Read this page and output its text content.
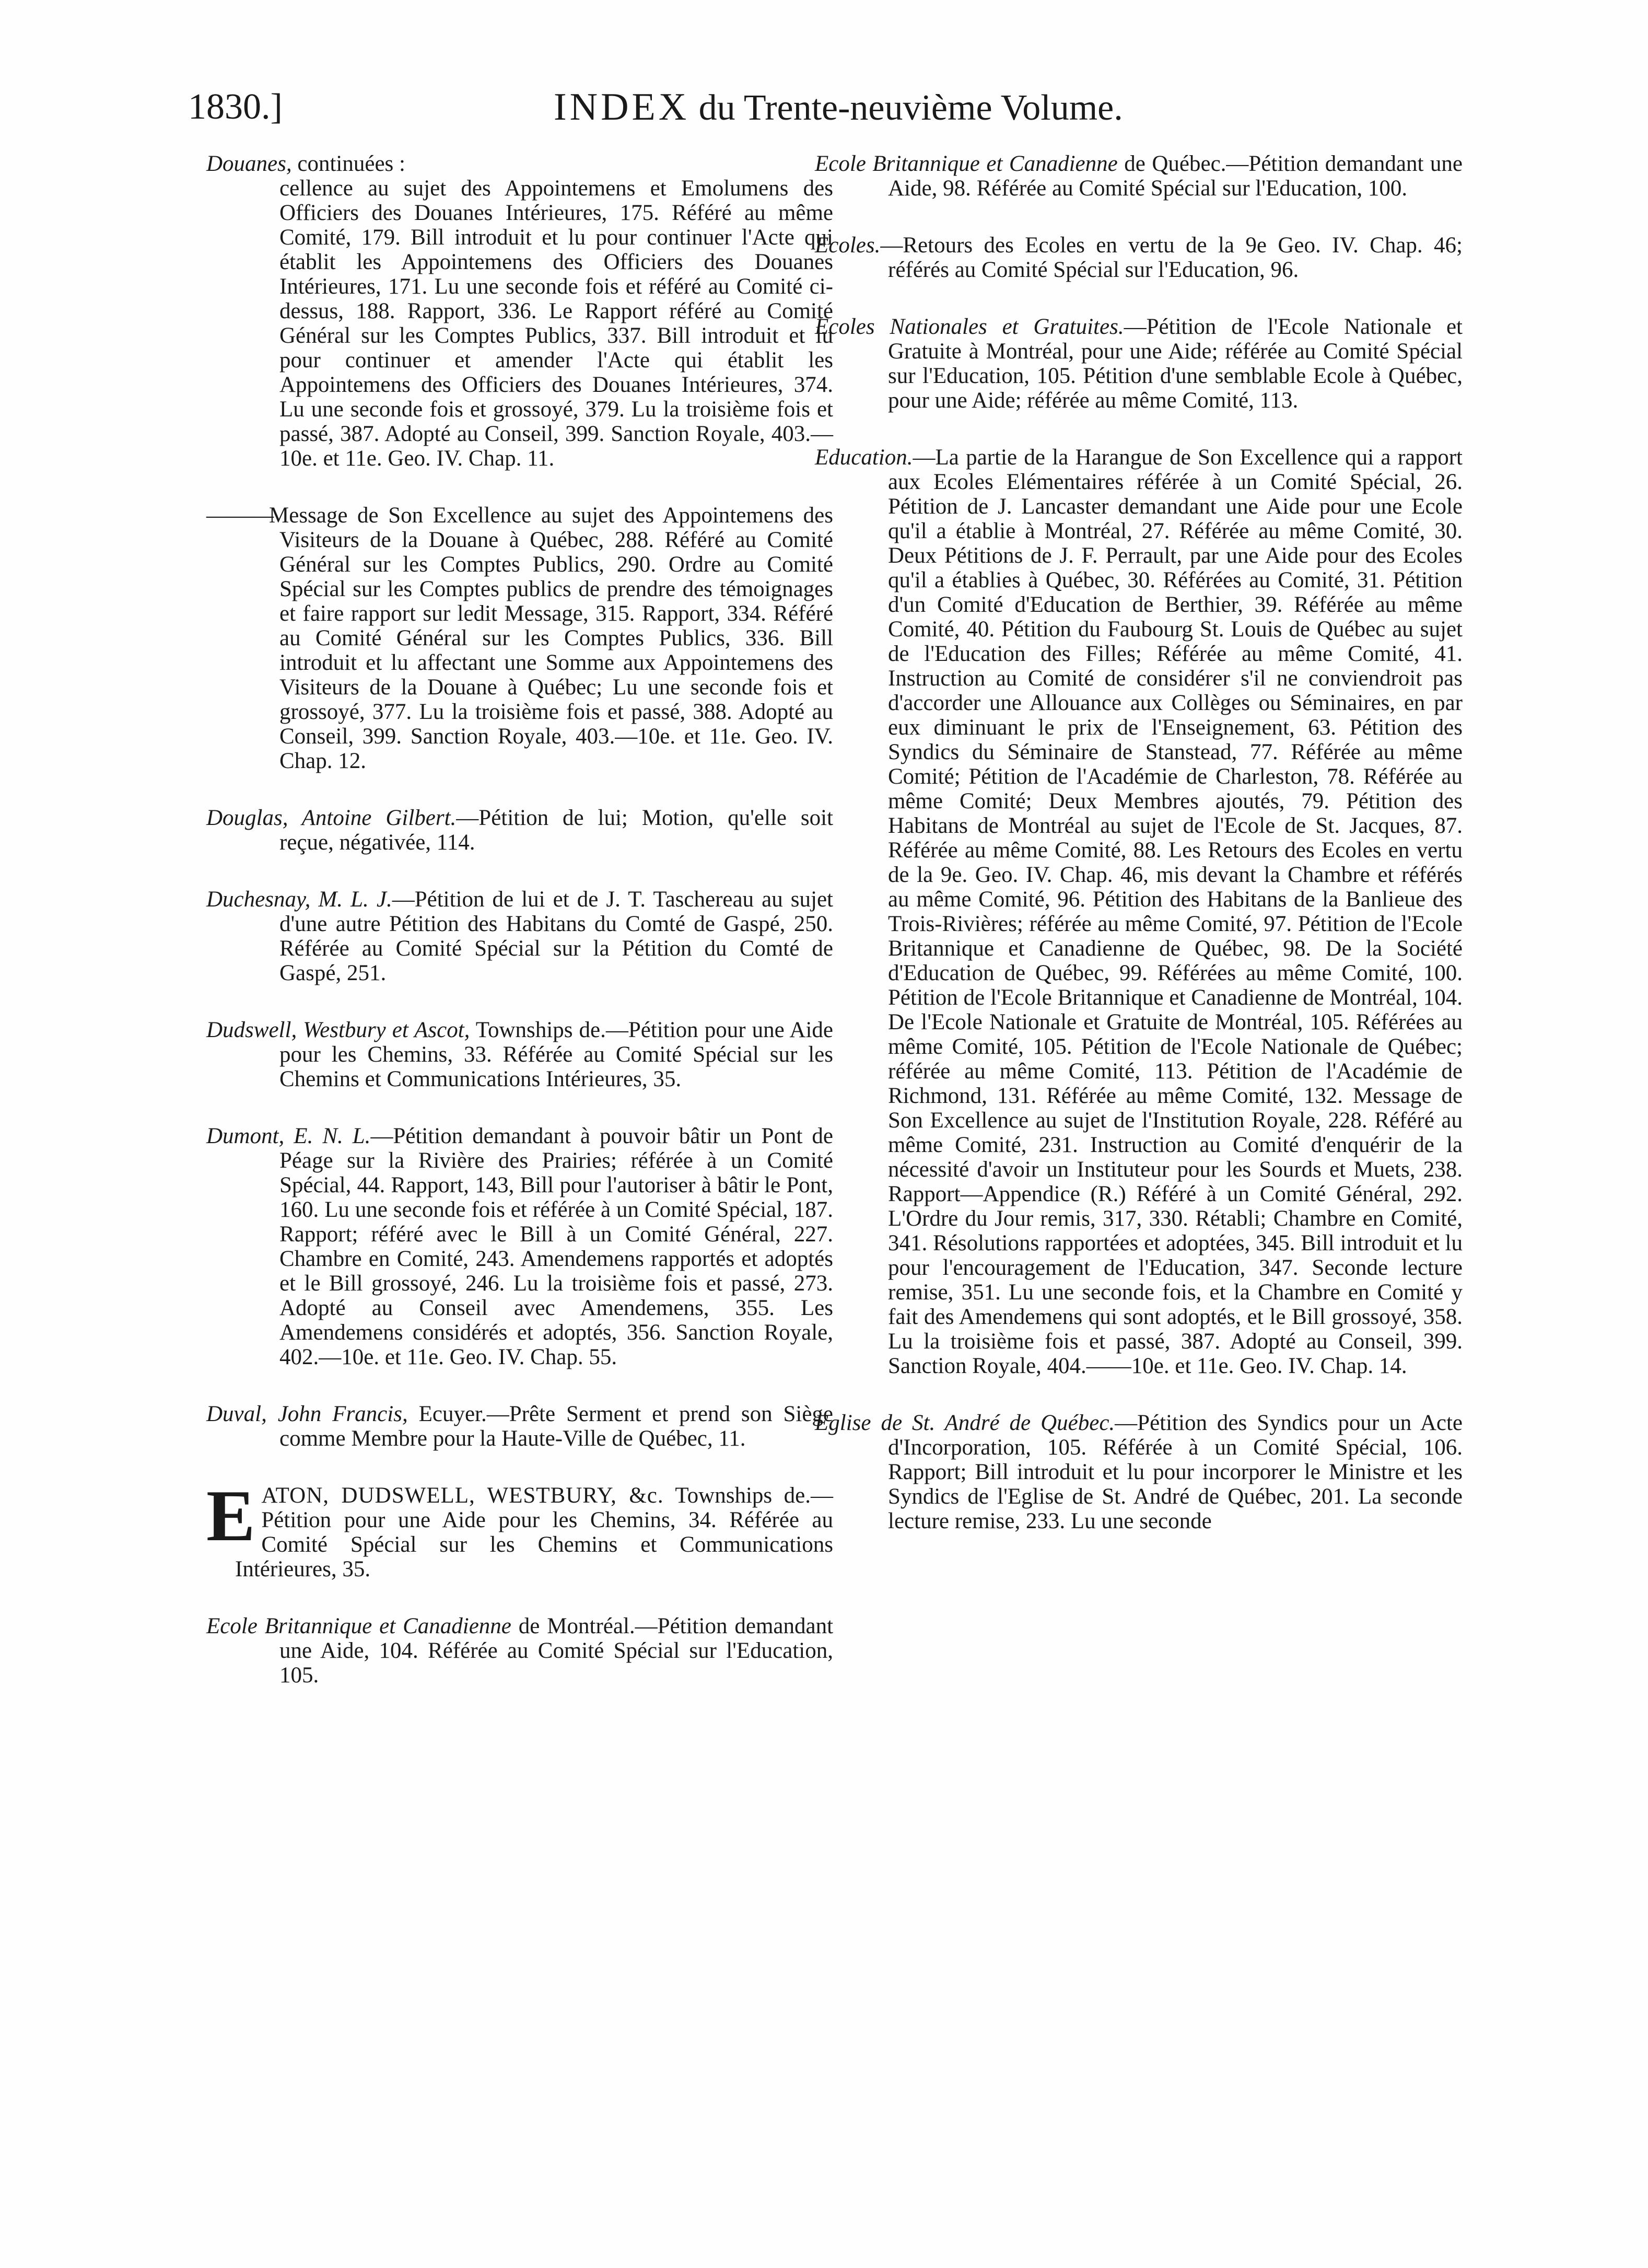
1830.]	INDEX du Trente-neuvième Volume.
Douanes, continuées :
cellence au sujet des Appointemens et Emolumens des Officiers des Douanes Intérieures, 175. Référé au même Comité, 179. Bill introduit et lu pour continuer l'Acte qui établit les Appointemens des Officiers des Douanes Intérieures, 171. Lu une seconde fois et référé au Comité ci-dessus, 188. Rapport, 336. Le Rapport référé au Comité Général sur les Comptes Publics, 337. Bill introduit et lu pour continuer et amender l'Acte qui établit les Appointemens des Officiers des Douanes Intérieures, 374. Lu une seconde fois et grossoyé, 379. Lu la troisième fois et passé, 387. Adopté au Conseil, 399. Sanction Royale, 403.—10e. et 11e. Geo. IV. Chap. 11.
———Message de Son Excellence au sujet des Appointemens des Visiteurs de la Douane à Québec, 288. Référé au Comité Général sur les Comptes Publics, 290. Ordre au Comité Spécial sur les Comptes publics de prendre des témoignages et faire rapport sur ledit Message, 315. Rapport, 334. Référé au Comité Général sur les Comptes Publics, 336. Bill introduit et lu affectant une Somme aux Appointemens des Visiteurs de la Douane à Québec; Lu une seconde fois et grossoyé, 377. Lu la troisième fois et passé, 388. Adopté au Conseil, 399. Sanction Royale, 403.—10e. et 11e. Geo. IV. Chap. 12.
Douglas, Antoine Gilbert.—Pétition de lui; Motion, qu'elle soit reçue, négativée, 114.
Duchesnay, M. L. J.—Pétition de lui et de J. T. Taschereau au sujet d'une autre Pétition des Habitans du Comté de Gaspé, 250. Référée au Comité Spécial sur la Pétition du Comté de Gaspé, 251.
Dudswell, Westbury et Ascot, Townships de.—Pétition pour une Aide pour les Chemins, 33. Référée au Comité Spécial sur les Chemins et Communications Intérieures, 35.
Dumont, E. N. L.—Pétition demandant à pouvoir bâtir un Pont de Péage sur la Rivière des Prairies; référée à un Comité Spécial, 44. Rapport, 143, Bill pour l'autoriser à bâtir le Pont, 160. Lu une seconde fois et référée à un Comité Spécial, 187. Rapport; référé avec le Bill à un Comité Général, 227. Chambre en Comité, 243. Amendemens rapportés et adoptés et le Bill grossoyé, 246. Lu la troisième fois et passé, 273. Adopté au Conseil avec Amendemens, 355. Les Amendemens considérés et adoptés, 356. Sanction Royale, 402.—10e. et 11e. Geo. IV. Chap. 55.
Duval, John Francis, Ecuyer.—Prête Serment et prend son Siège comme Membre pour la Haute-Ville de Québec, 11.
E ATON, DUDSWELL, WESTBURY, &c. Townships de.—Pétition pour une Aide pour les Chemins, 34. Référée au Comité Spécial sur les Chemins et Communications Intérieures, 35.
Ecole Britannique et Canadienne de Montréal.—Pétition demandant une Aide, 104. Référée au Comité Spécial sur l'Education, 105.
Ecole Britannique et Canadienne de Québec.—Pétition demandant une Aide, 98. Référée au Comité Spécial sur l'Education, 100.
Ecoles.—Retours des Ecoles en vertu de la 9e Geo. IV. Chap. 46; référés au Comité Spécial sur l'Education, 96.
Ecoles Nationales et Gratuites.—Pétition de l'Ecole Nationale et Gratuite à Montréal, pour une Aide; référée au Comité Spécial sur l'Education, 105. Pétition d'une semblable Ecole à Québec, pour une Aide; référée au même Comité, 113.
Education.—La partie de la Harangue de Son Excellence qui a rapport aux Ecoles Elémentaires référée à un Comité Spécial, 26. Pétition de J. Lancaster demandant une Aide pour une Ecole qu'il a établie à Montréal, 27. Référée au même Comité, 30. Deux Pétitions de J. F. Perrault, par une Aide pour des Ecoles qu'il a établies à Québec, 30. Référées au Comité, 31. Pétition d'un Comité d'Education de Berthier, 39. Référée au même Comité, 40. Pétition du Faubourg St. Louis de Québec au sujet de l'Education des Filles; Référée au même Comité, 41. Instruction au Comité de considérer s'il ne conviendroit pas d'accorder une Allouance aux Collèges ou Séminaires, en par eux diminuant le prix de l'Enseignement, 63. Pétition des Syndics du Séminaire de Stanstead, 77. Référée au même Comité; Pétition de l'Académie de Charleston, 78. Référée au même Comité; Deux Membres ajoutés, 79. Pétition des Habitans de Montréal au sujet de l'Ecole de St. Jacques, 87. Référée au même Comité, 88. Les Retours des Ecoles en vertu de la 9e. Geo. IV. Chap. 46, mis devant la Chambre et référés au même Comité, 96. Pétition des Habitans de la Banlieue des Trois-Rivières; référée au même Comité, 97. Pétition de l'Ecole Britannique et Canadienne de Québec, 98. De la Société d'Education de Québec, 99. Référées au même Comité, 100. Pétition de l'Ecole Britannique et Canadienne de Montréal, 104. De l'Ecole Nationale et Gratuite de Montréal, 105. Référées au même Comité, 105. Pétition de l'Ecole Nationale de Québec; référée au même Comité, 113. Pétition de l'Académie de Richmond, 131. Référée au même Comité, 132. Message de Son Excellence au sujet de l'Institution Royale, 228. Référé au même Comité, 231. Instruction au Comité d'enquérir de la nécessité d'avoir un Instituteur pour les Sourds et Muets, 238. Rapport—Appendice (R.) Référé à un Comité Général, 292. L'Ordre du Jour remis, 317, 330. Rétabli; Chambre en Comité, 341. Résolutions rapportées et adoptées, 345. Bill introduit et lu pour l'encouragement de l'Education, 347. Seconde lecture remise, 351. Lu une seconde fois, et la Chambre en Comité y fait des Amendemens qui sont adoptés, et le Bill grossoyé, 358. Lu la troisième fois et passé, 387. Adopté au Conseil, 399. Sanction Royale, 404.——10e. et 11e. Geo. IV. Chap. 14.
Eglise de St. André de Québec.—Pétition des Syndics pour un Acte d'Incorporation, 105. Référée à un Comité Spécial, 106. Rapport; Bill introduit et lu pour incorporer le Ministre et les Syndics de l'Eglise de St. André de Québec, 201. La seconde lecture remise, 233. Lu une seconde
